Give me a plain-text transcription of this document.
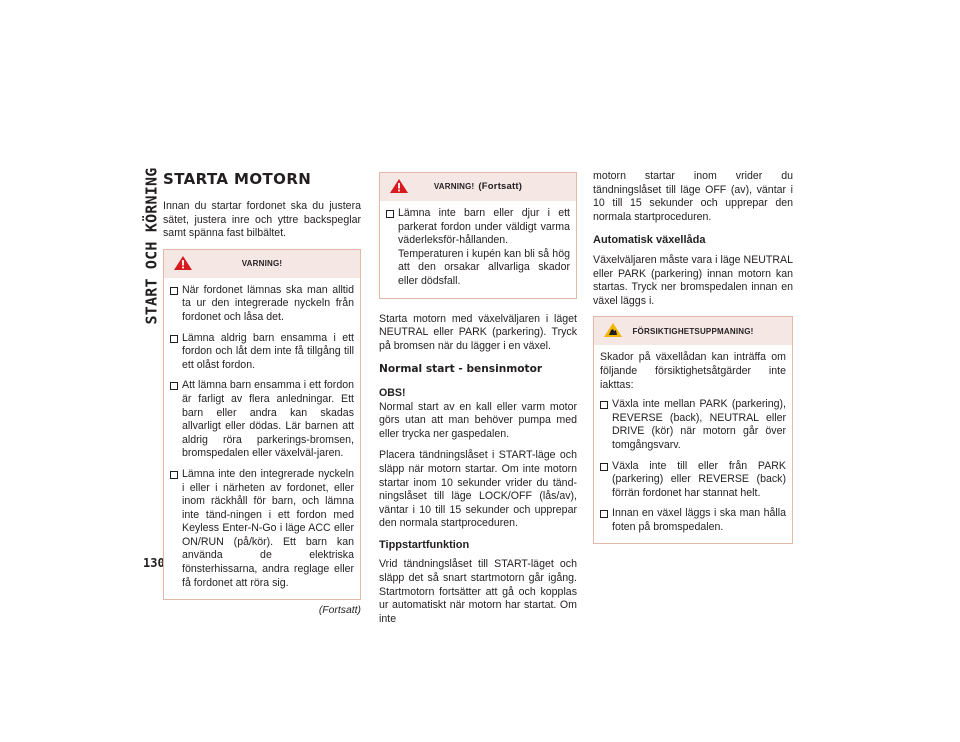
START OCH KÖRNING
130
STARTA MOTORN

Innan du startar fordonet ska du justera sätet, justera inre och yttre backspeglar samt spänna fast bilbältet.

VARNING!
När fordonet lämnas ska man alltid ta ur den integrerade nyckeln från fordonet och låsa det.
Lämna aldrig barn ensamma i ett fordon och låt dem inte få tillgång till ett olåst fordon.
Att lämna barn ensamma i ett fordon är farligt av flera anledningar. Ett barn eller andra kan skadas allvarligt eller dödas. Lär barnen att aldrig röra parkerings-bromsen, bromspedalen eller växelväl-jaren.
Lämna inte den integrerade nyckeln i eller i närheten av fordonet, eller inom räckhåll för barn, och lämna inte tänd-ningen i ett fordon med Keyless Enter-N-Go i läge ACC eller ON/RUN (på/kör). Ett barn kan använda de elektriska fönsterhissarna, andra reglage eller få fordonet att röra sig.
(Fortsatt)
VARNING! (Fortsatt)
Lämna inte barn eller djur i ett parkerat fordon under väldigt varma väderleksför-hållanden. Temperaturen i kupén kan bli så hög att den orsakar allvarliga skador eller dödsfall.

Starta motorn med växelväljaren i läget NEUTRAL eller PARK (parkering). Tryck på bromsen när du lägger i en växel.

Normal start - bensinmotor
OBS!

Normal start av en kall eller varm motor görs utan att man behöver pumpa med eller trycka ner gaspedalen.

Placera tändningslåset i START-läge och släpp när motorn startar. Om inte motorn startar inom 10 sekunder vrider du tänd-ningslåset till läge LOCK/OFF (lås/av), väntar i 10 till 15 sekunder och upprepar den normala startproceduren.

Tippstartfunktion

Vrid tändningslåset till START-läget och släpp det så snart startmotorn går igång. Startmotorn fortsätter att gå och kopplas ur automatiskt när motorn har startat. Om inte

motorn startar inom vrider du tändningslåset till läge OFF (av), väntar i 10 till 15 sekunder och upprepar den normala startproceduren.

Automatisk växellåda

Växelväljaren måste vara i läge NEUTRAL eller PARK (parkering) innan motorn kan startas. Tryck ner bromspedalen innan en växel läggs i.

FÖRSIKTIGHETSUPPMANING!

Skador på växellådan kan inträffa om följande försiktighetsåtgärder inte iakttas:

Växla inte mellan PARK (parkering), REVERSE (back), NEUTRAL eller DRIVE (kör) när motorn går över tomgångsvarv.
Växla inte till eller från PARK (parkering) eller REVERSE (back) förrän fordonet har stannat helt.
Innan en växel läggs i ska man hålla foten på bromspedalen.
